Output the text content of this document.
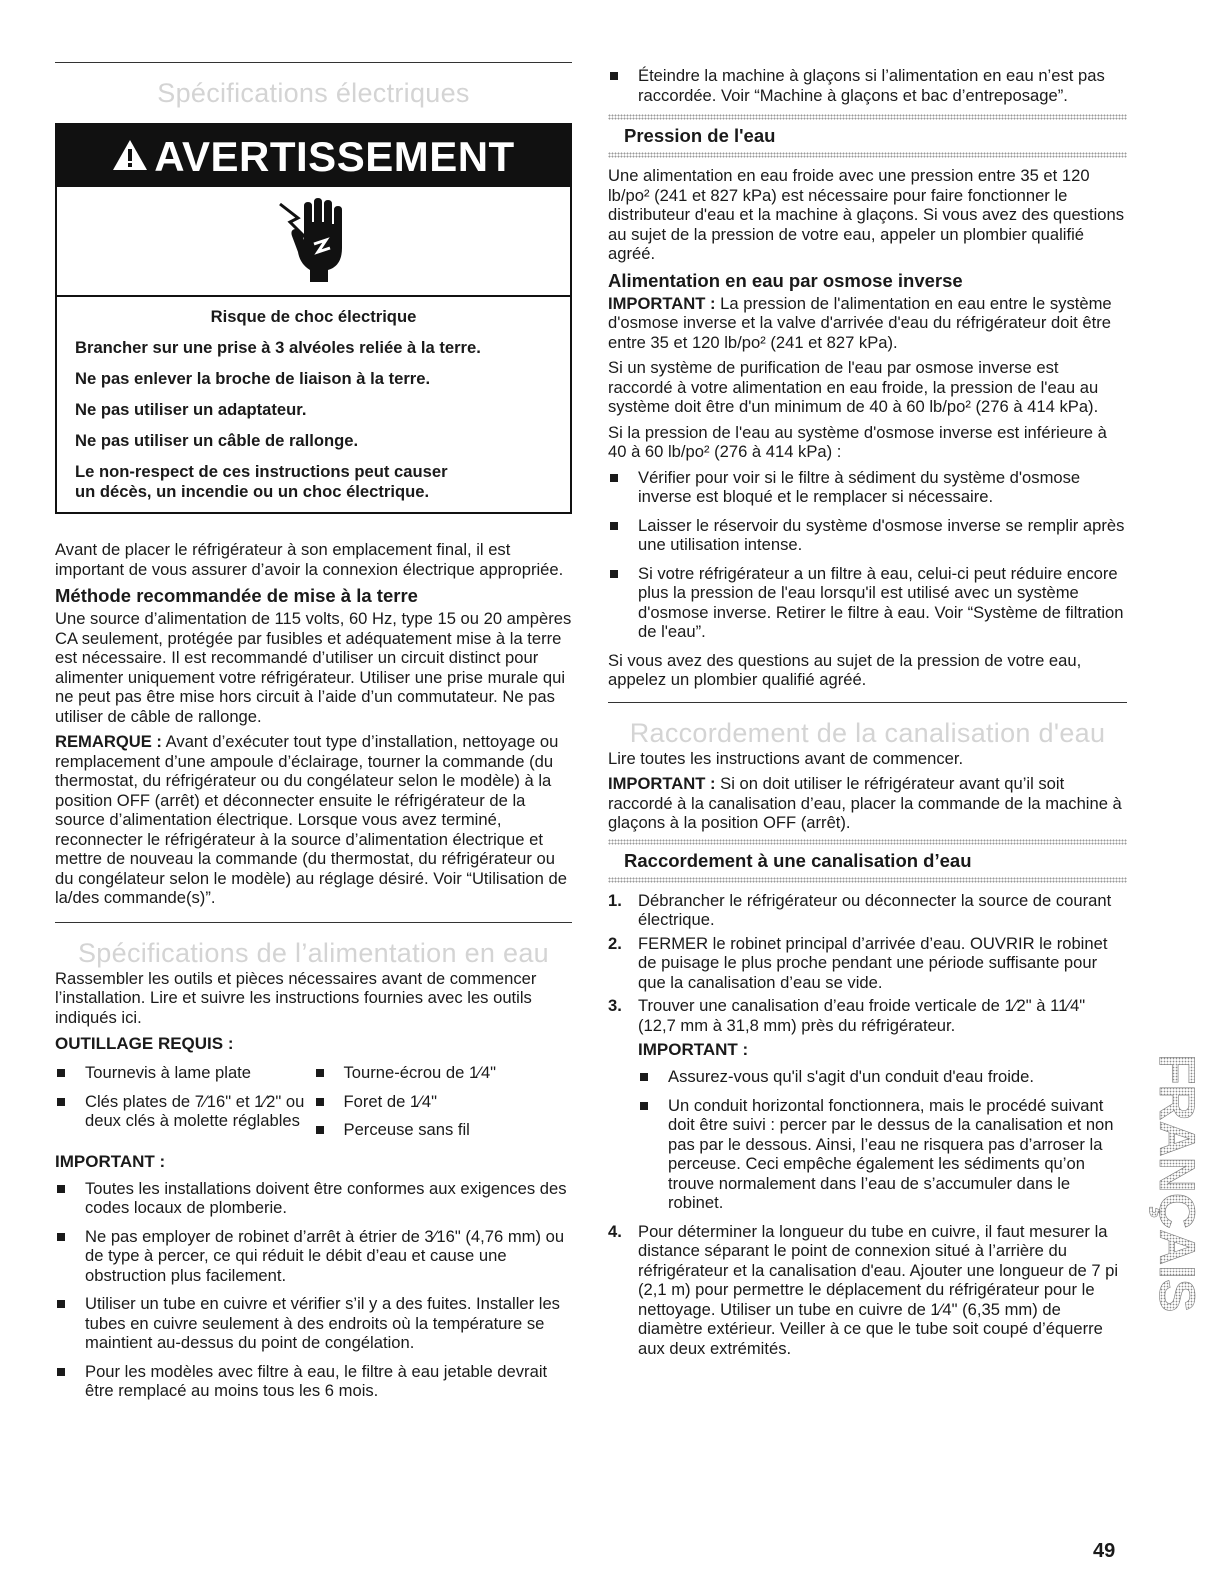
Spécifications électriques
AVERTISSEMENT

Risque de choc électrique

Brancher sur une prise à 3 alvéoles reliée à la terre.

Ne pas enlever la broche de liaison à la terre.

Ne pas utiliser un adaptateur.

Ne pas utiliser un câble de rallonge.

Le non-respect de ces instructions peut causer

un décès, un incendie ou un choc électrique.

Avant de placer le réfrigérateur à son emplacement final, il est important de vous assurer d’avoir la connexion électrique appropriée.

Méthode recommandée de mise à la terre

Une source d’alimentation de 115 volts, 60 Hz, type 15 ou 20 ampères CA seulement, protégée par fusibles et adéquatement mise à la terre est nécessaire. Il est recommandé d’utiliser un circuit distinct pour alimenter uniquement votre réfrigérateur. Utiliser une prise murale qui ne peut pas être mise hors circuit à l’aide d’un commutateur. Ne pas utiliser de câble de rallonge.

REMARQUE : Avant d’exécuter tout type d’installation, nettoyage ou remplacement d’une ampoule d’éclairage, tourner la commande (du thermostat, du réfrigérateur ou du congélateur selon le modèle) à la position OFF (arrêt) et déconnecter ensuite le réfrigérateur de la source d’alimentation électrique. Lorsque vous avez terminé, reconnecter le réfrigérateur à la source d’alimentation électrique et mettre de nouveau la commande (du thermostat, du réfrigérateur ou du congélateur selon le modèle) au réglage désiré. Voir “Utilisation de la/des commande(s)”.

Spécifications de l’alimentation en eau

Rassembler les outils et pièces nécessaires avant de commencer l’installation. Lire et suivre les instructions fournies avec les outils indiqués ici.

OUTILLAGE REQUIS :
Tournevis à lame plate
Clés plates de 7⁄16" et 1⁄2" ou deux clés à molette réglables
Tourne-écrou de 1⁄4"
Foret de 1⁄4"
Perceuse sans fil
IMPORTANT :
Toutes les installations doivent être conformes aux exigences des codes locaux de plomberie.
Ne pas employer de robinet d’arrêt à étrier de 3⁄16" (4,76 mm) ou de type à percer, ce qui réduit le débit d’eau et cause une obstruction plus facilement.
Utiliser un tube en cuivre et vérifier s’il y a des fuites. Installer les tubes en cuivre seulement à des endroits où la température se maintient au-dessus du point de congélation.
Pour les modèles avec filtre à eau, le filtre à eau jetable devrait être remplacé au moins tous les 6 mois.
Éteindre la machine à glaçons si l’alimentation en eau n’est pas raccordée. Voir “Machine à glaçons et bac d’entreposage”.
Pression de l'eau

Une alimentation en eau froide avec une pression entre 35 et 120 lb/po² (241 et 827 kPa) est nécessaire pour faire fonctionner le distributeur d'eau et la machine à glaçons. Si vous avez des questions au sujet de la pression de votre eau, appeler un plombier qualifié agréé.

Alimentation en eau par osmose inverse

IMPORTANT : La pression de l'alimentation en eau entre le système d'osmose inverse et la valve d'arrivée d'eau du réfrigérateur doit être entre 35 et 120 lb/po² (241 et 827 kPa).

Si un système de purification de l'eau par osmose inverse est raccordé à votre alimentation en eau froide, la pression de l'eau au système doit être d'un minimum de 40 à 60 lb/po² (276 à 414 kPa).

Si la pression de l'eau au système d'osmose inverse est inférieure à 40 à 60 lb/po² (276 à 414 kPa) :

Vérifier pour voir si le filtre à sédiment du système d'osmose inverse est bloqué et le remplacer si nécessaire.
Laisser le réservoir du système d'osmose inverse se remplir après une utilisation intense.
Si votre réfrigérateur a un filtre à eau, celui-ci peut réduire encore plus la pression de l'eau lorsqu'il est utilisé avec un système d'osmose inverse. Retirer le filtre à eau. Voir “Système de filtration de l'eau”.

Si vous avez des questions au sujet de la pression de votre eau, appelez un plombier qualifié agréé.

Raccordement de la canalisation d'eau

Lire toutes les instructions avant de commencer.

IMPORTANT : Si on doit utiliser le réfrigérateur avant qu’il soit raccordé à la canalisation d’eau, placer la commande de la machine à glaçons à la position OFF (arrêt).

Raccordement à une canalisation d’eau
1. Débrancher le réfrigérateur ou déconnecter la source de courant électrique.
2. FERMER le robinet principal d’arrivée d’eau. OUVRIR le robinet de puisage le plus proche pendant une période suffisante pour que la canalisation d’eau se vide.
3. Trouver une canalisation d’eau froide verticale de 1⁄2" à 11⁄4" (12,7 mm à 31,8 mm) près du réfrigérateur.
IMPORTANT :
Assurez-vous qu'il s'agit d'un conduit d'eau froide.
Un conduit horizontal fonctionnera, mais le procédé suivant doit être suivi : percer par le dessus de la canalisation et non pas par le dessous. Ainsi, l’eau ne risquera pas d’arroser la perceuse. Ceci empêche également les sédiments qu’on trouve normalement dans l’eau de s’accumuler dans le robinet.
4. Pour déterminer la longueur du tube en cuivre, il faut mesurer la distance séparant le point de connexion situé à l’arrière du réfrigérateur et la canalisation d'eau. Ajouter une longueur de 7 pi (2,1 m) pour permettre le déplacement du réfrigérateur pour le nettoyage. Utiliser un tube en cuivre de 1⁄4" (6,35 mm) de diamètre extérieur. Veiller à ce que le tube soit coupé d’équerre aux deux extrémités.
FRANÇAIS
49
